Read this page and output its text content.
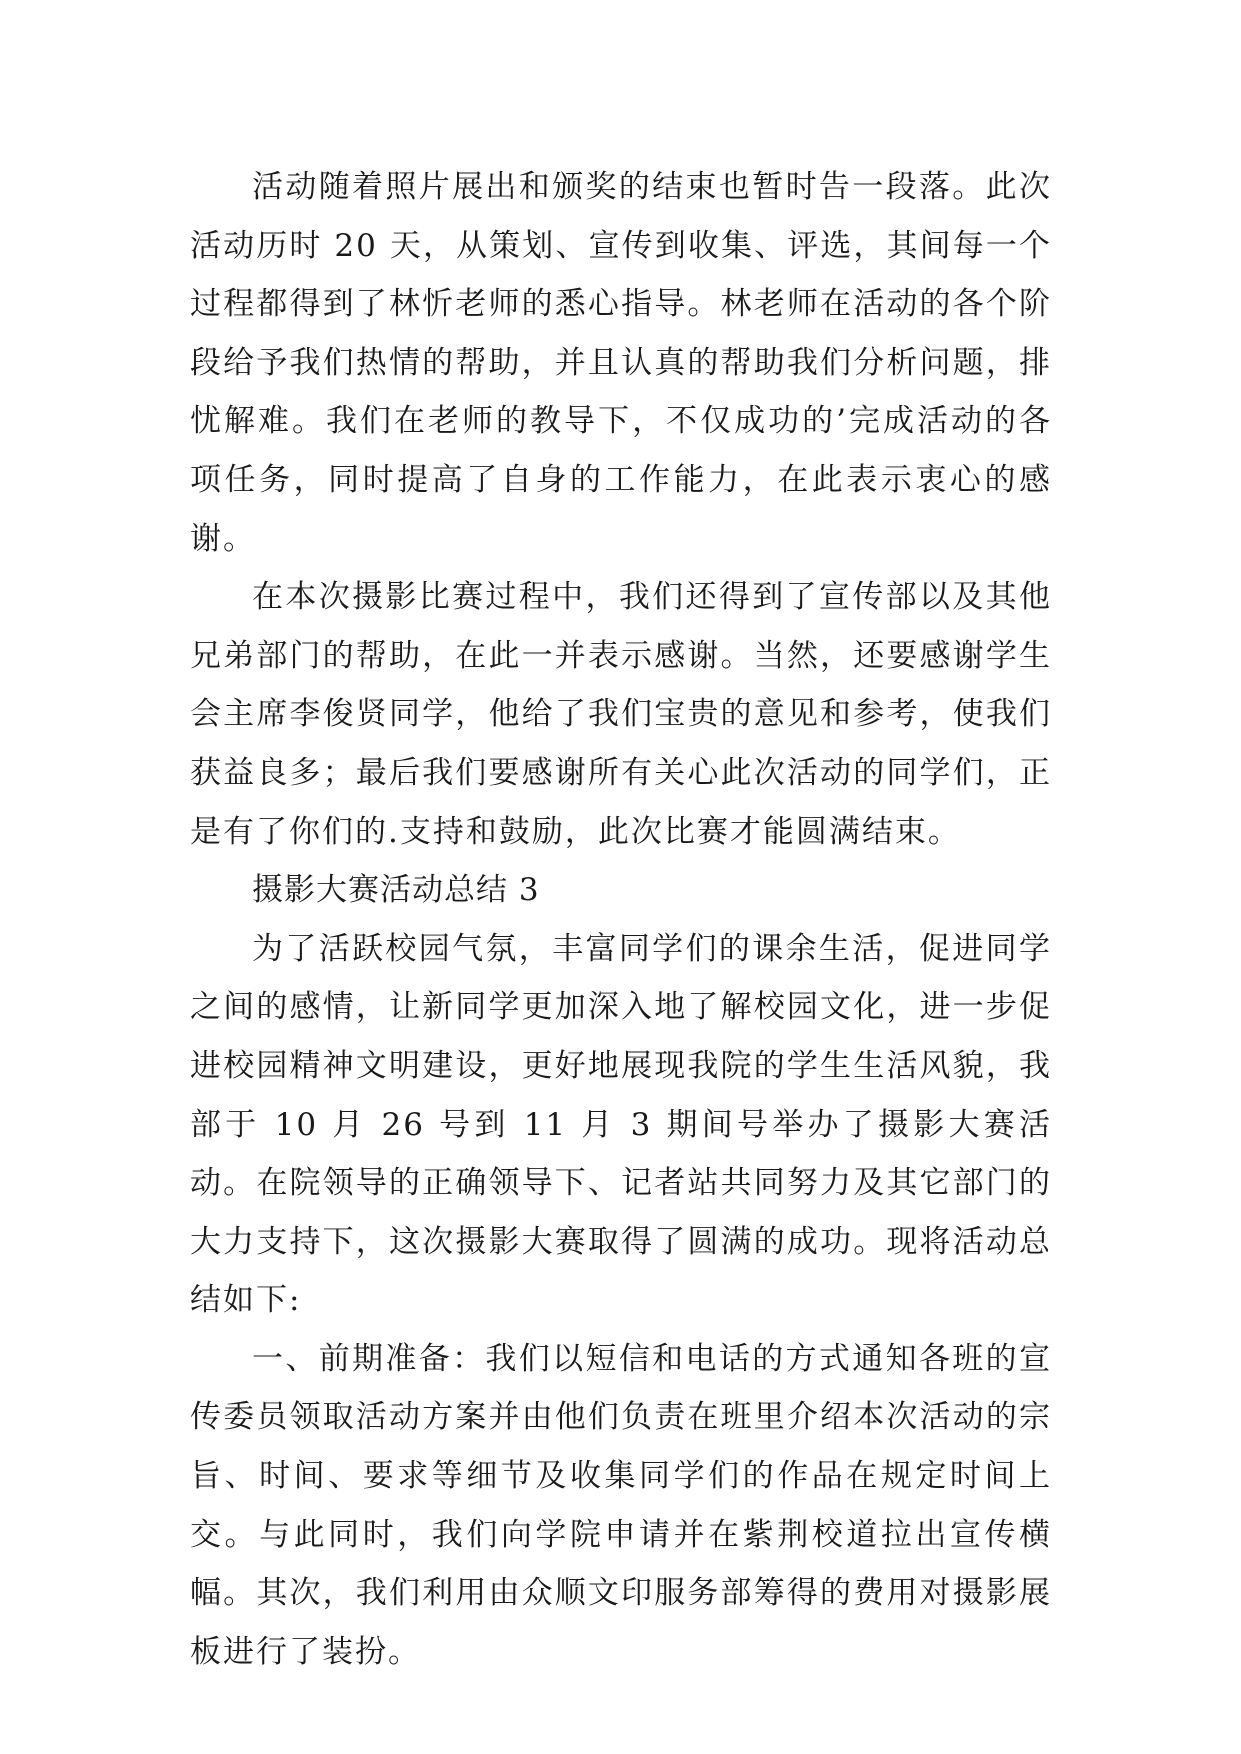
活动随着照片展出和颁奖的结束也暂时告一段落。此次活动历时 20 天，从策划、宣传到收集、评选，其间每一个过程都得到了林忻老师的悉心指导。林老师在活动的各个阶段给予我们热情的帮助，并且认真的帮助我们分析问题，排忧解难。我们在老师的教导下，不仅成功的’完成活动的各项任务，同时提高了自身的工作能力，在此表示衷心的感谢。

在本次摄影比赛过程中，我们还得到了宣传部以及其他兄弟部门的帮助，在此一并表示感谢。当然，还要感谢学生会主席李俊贤同学，他给了我们宝贵的意见和参考，使我们获益良多；最后我们要感谢所有关心此次活动的同学们，正是有了你们的.支持和鼓励，此次比赛才能圆满结束。

摄影大赛活动总结 3

为了活跃校园气氛，丰富同学们的课余生活，促进同学之间的感情，让新同学更加深入地了解校园文化，进一步促进校园精神文明建设，更好地展现我院的学生生活风貌，我部于 10 月 26 号到 11 月 3 期间号举办了摄影大赛活动。在院领导的正确领导下、记者站共同努力及其它部门的大力支持下，这次摄影大赛取得了圆满的成功。现将活动总结如下:

一、前期准备：我们以短信和电话的方式通知各班的宣传委员领取活动方案并由他们负责在班里介绍本次活动的宗旨、时间、要求等细节及收集同学们的作品在规定时间上交。与此同时，我们向学院申请并在紫荆校道拉出宣传横幅。其次，我们利用由众顺文印服务部筹得的费用对摄影展板进行了装扮。
